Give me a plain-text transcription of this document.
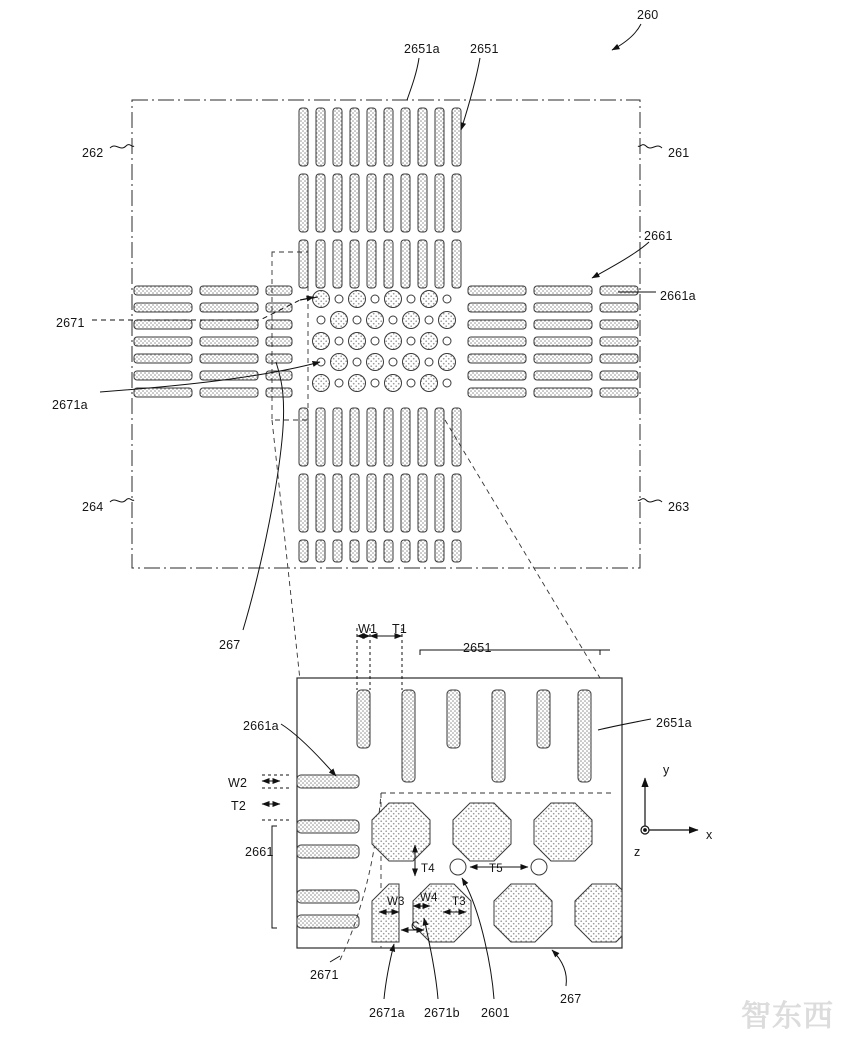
260
2651a 2651
262	261
2661
2661a
2671
2671a
264	263
267
W1 T1
2651
2651a
2661a
W2
T2
2661
y
x
z
T4	T5
W3 W4 T3
C
2671
267
2671a 2671b 2601	智东西
